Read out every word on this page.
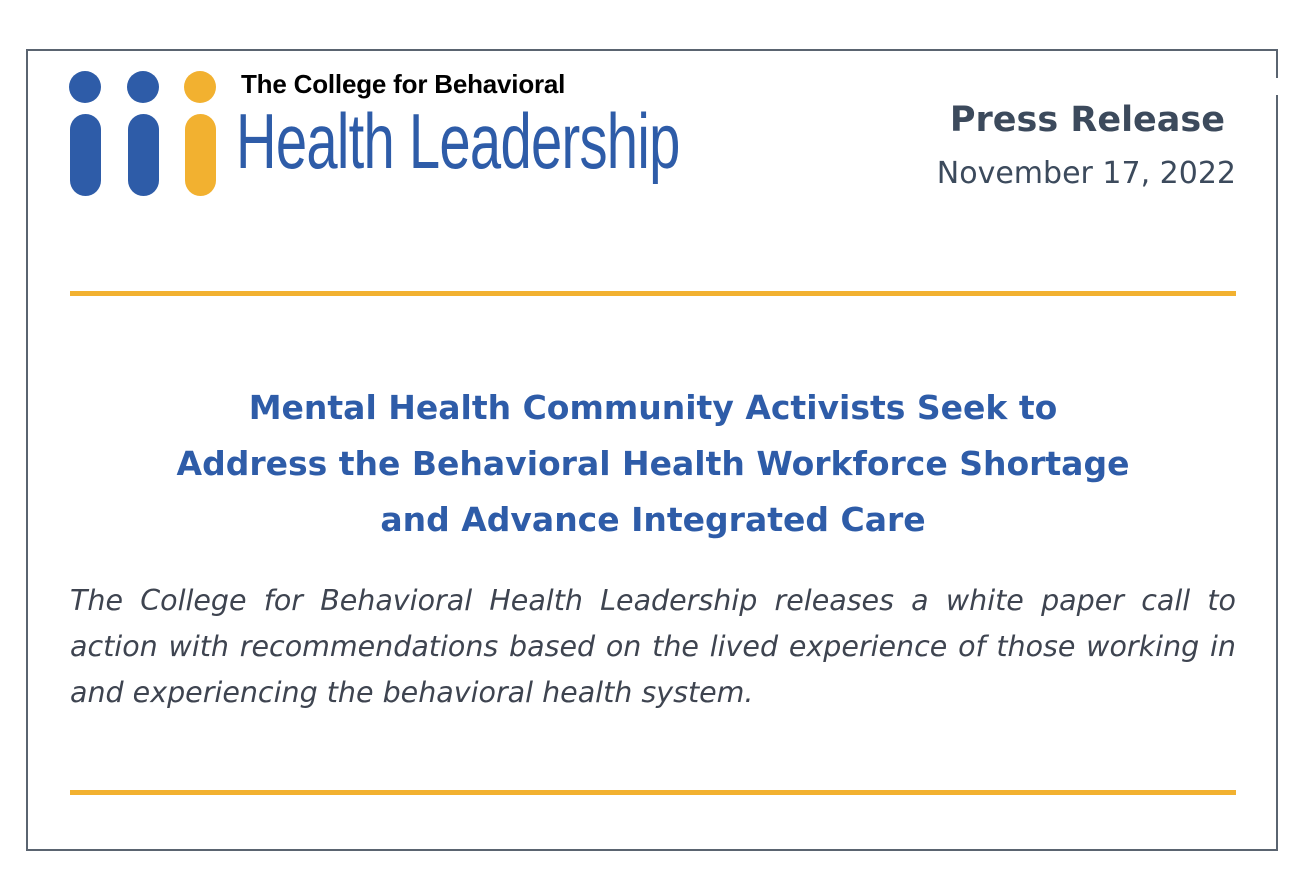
The College for Behavioral
Health Leadership	Press Release
November 17, 2022
Mental Health Community Activists Seek to
Address the Behavioral Health Workforce Shortage
and Advance Integrated Care
The College for Behavioral Health Leadership releases a white paper call to action with recommendations based on the lived experience of those working in and experiencing the behavioral health system.
